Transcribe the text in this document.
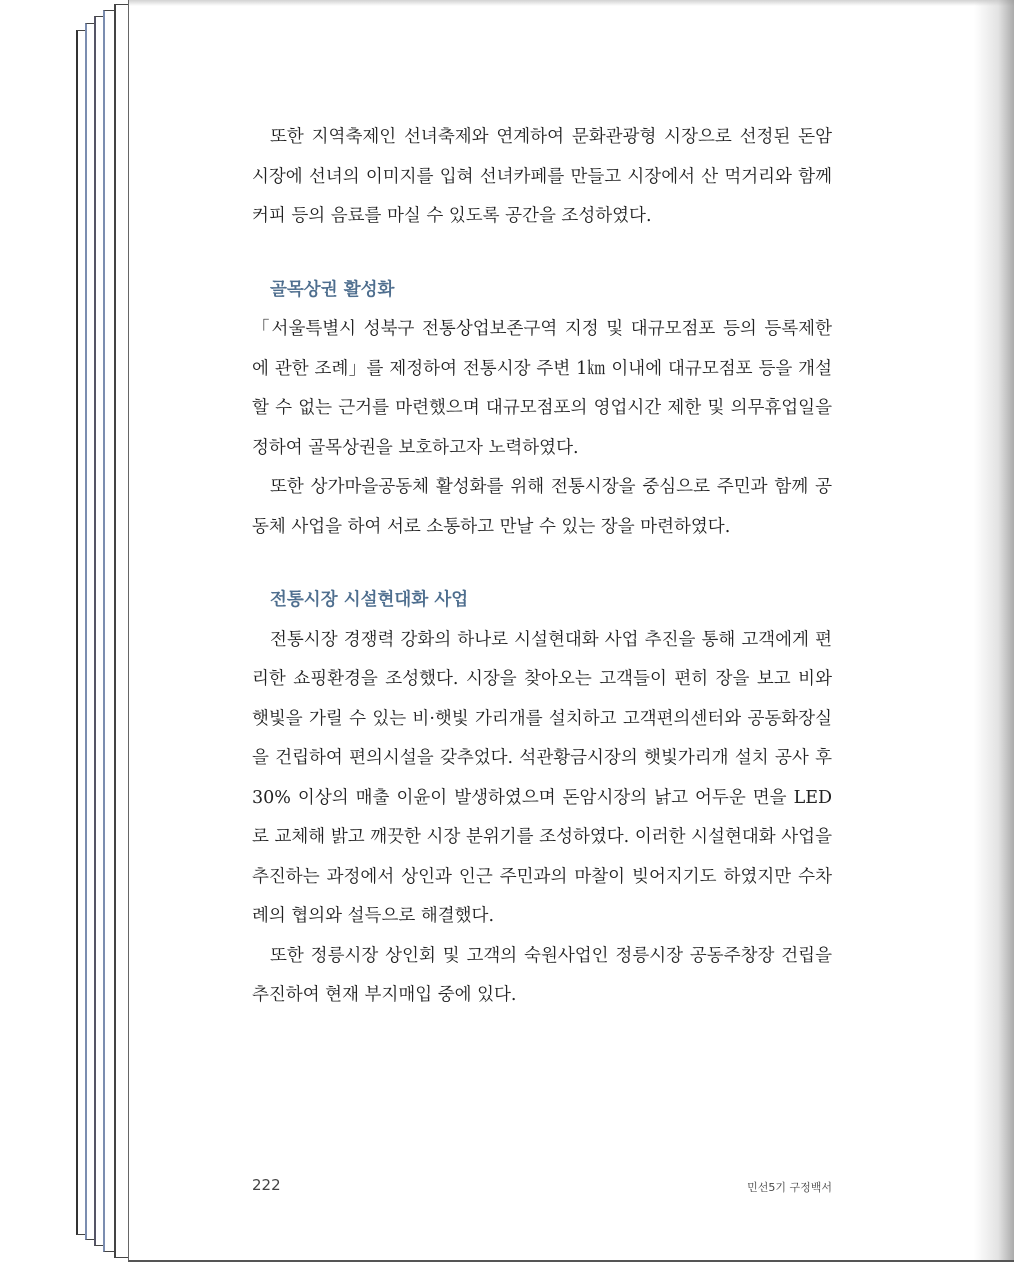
또한 지역축제인 선녀축제와 연계하여 문화관광형 시장으로 선정된 돈암시장에 선녀의 이미지를 입혀 선녀카페를 만들고 시장에서 산 먹거리와 함께 커피 등의 음료를 마실 수 있도록 공간을 조성하였다.

골목상권 활성화

「서울특별시 성북구 전통상업보존구역 지정 및 대규모점포 등의 등록제한에 관한 조례」를 제정하여 전통시장 주변 1㎞ 이내에 대규모점포 등을 개설할 수 없는 근거를 마련했으며 대규모점포의 영업시간 제한 및 의무휴업일을 정하여 골목상권을 보호하고자 노력하였다.

또한 상가마을공동체 활성화를 위해 전통시장을 중심으로 주민과 함께 공동체 사업을 하여 서로 소통하고 만날 수 있는 장을 마련하였다.

전통시장 시설현대화 사업

전통시장 경쟁력 강화의 하나로 시설현대화 사업 추진을 통해 고객에게 편리한 쇼핑환경을 조성했다. 시장을 찾아오는 고객들이 편히 장을 보고 비와 햇빛을 가릴 수 있는 비·햇빛 가리개를 설치하고 고객편의센터와 공동화장실을 건립하여 편의시설을 갖추었다. 석관황금시장의 햇빛가리개 설치 공사 후 30% 이상의 매출 이윤이 발생하였으며 돈암시장의 낡고 어두운 면을 LED로 교체해 밝고 깨끗한 시장 분위기를 조성하였다. 이러한 시설현대화 사업을 추진하는 과정에서 상인과 인근 주민과의 마찰이 빚어지기도 하였지만 수차례의 협의와 설득으로 해결했다.

또한 정릉시장 상인회 및 고객의 숙원사업인 정릉시장 공동주창장 건립을 추진하여 현재 부지매입 중에 있다.

222	민선5기 구정백서
